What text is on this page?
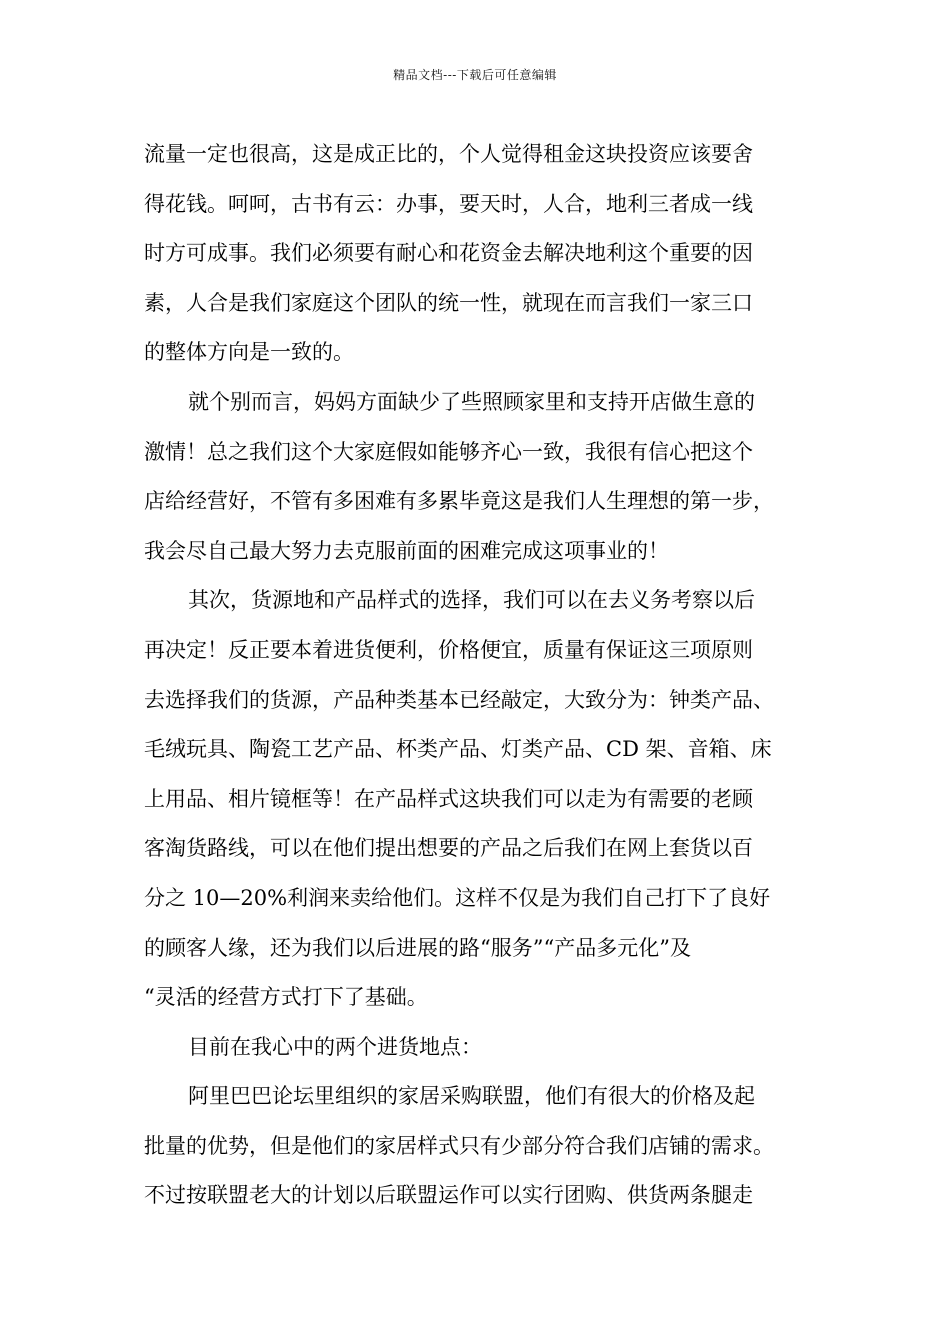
精品文档---下载后可任意编辑
流量一定也很高，这是成正比的，个人觉得租金这块投资应该要舍
得花钱。呵呵，古书有云：办事，要天时，人合，地利三者成一线
时方可成事。我们必须要有耐心和花资金去解决地利这个重要的因
素，人合是我们家庭这个团队的统一性，就现在而言我们一家三口
的整体方向是一致的。
就个别而言，妈妈方面缺少了些照顾家里和支持开店做生意的
激情！总之我们这个大家庭假如能够齐心一致，我很有信心把这个
店给经营好，不管有多困难有多累毕竟这是我们人生理想的第一步，
我会尽自己最大努力去克服前面的困难完成这项事业的！
其次，货源地和产品样式的选择，我们可以在去义务考察以后
再决定！反正要本着进货便利，价格便宜，质量有保证这三项原则
去选择我们的货源，产品种类基本已经敲定，大致分为：钟类产品、
毛绒玩具、陶瓷工艺产品、杯类产品、灯类产品、CD 架、音箱、床
上用品、相片镜框等！在产品样式这块我们可以走为有需要的老顾
客淘货路线，可以在他们提出想要的产品之后我们在网上套货以百
分之 10—20%利润来卖给他们。这样不仅是为我们自己打下了良好
的顾客人缘，还为我们以后进展的路“服务”“产品多元化”及
“灵活的经营方式打下了基础。
目前在我心中的两个进货地点：
阿里巴巴论坛里组织的家居采购联盟，他们有很大的价格及起
批量的优势，但是他们的家居样式只有少部分符合我们店铺的需求。
不过按联盟老大的计划以后联盟运作可以实行团购、供货两条腿走
